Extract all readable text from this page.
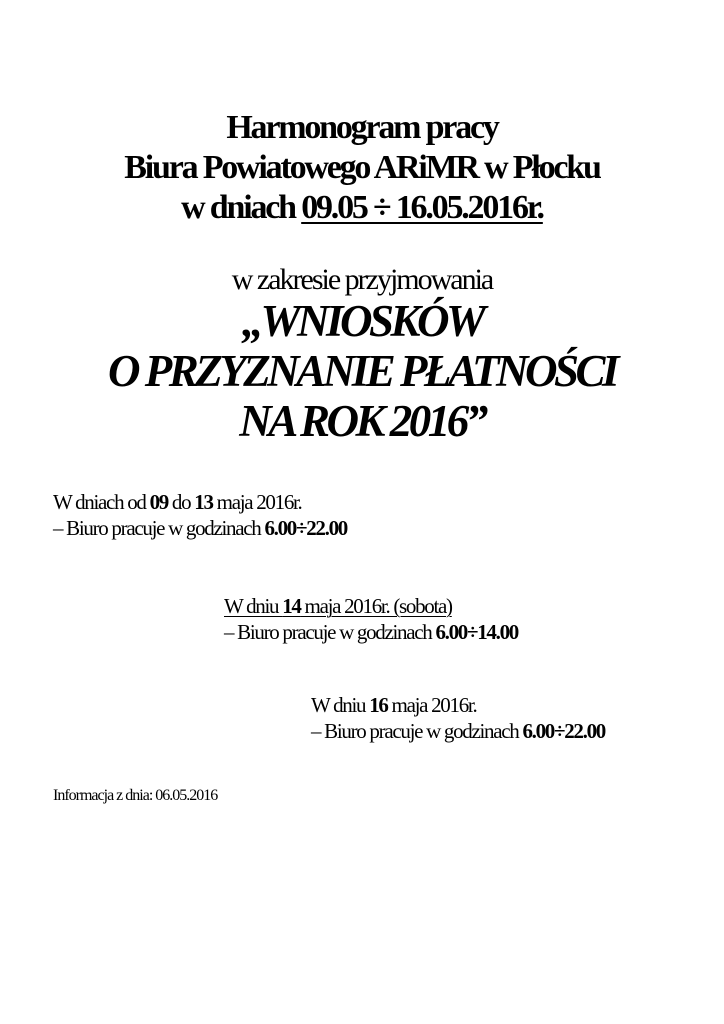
Harmonogram pracy
Biura Powiatowego ARiMR w Płocku
w dniach 09.05 ÷ 16.05.2016r.
w zakresie przyjmowania
„WNIOSKÓW
O PRZYZNANIE PŁATNOŚCI
NA ROK 2016”
W dniach od 09 do 13 maja 2016r.
– Biuro pracuje w godzinach 6.00÷22.00
W dniu 14 maja 2016r. (sobota)
– Biuro pracuje w godzinach 6.00÷14.00
W dniu 16 maja 2016r.
– Biuro pracuje w godzinach 6.00÷22.00
Informacja z dnia: 06.05.2016
